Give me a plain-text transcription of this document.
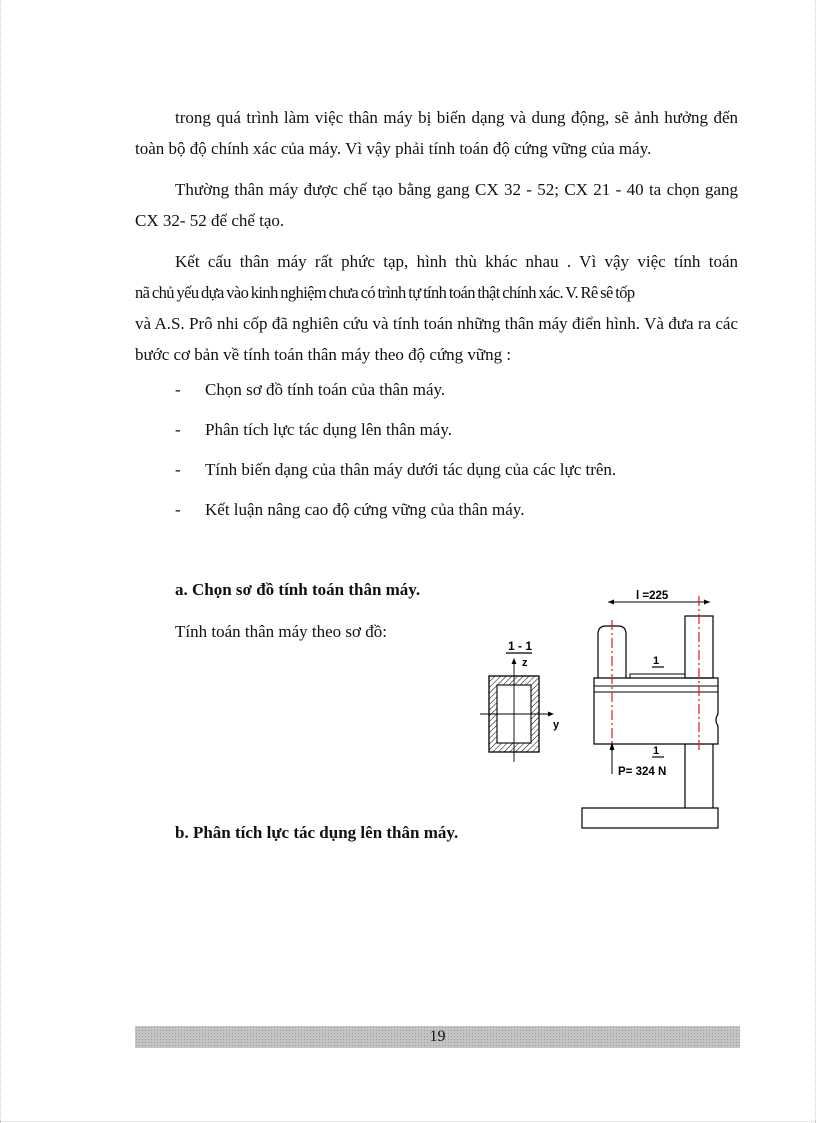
trong quá trình làm việc thân máy bị biến dạng và dung động, sẽ ảnh hưởng đến toàn bộ độ chính xác của máy. Vì vậy phải tính toán độ cứng vững của máy.

Thường thân máy được chế tạo bằng gang CX 32 - 52; CX 21 - 40 ta chọn gang CX 32- 52 để chế tạo.

Kết cấu thân máy rất phức tạp, hình thù khác nhau . Vì vậy việc tính toán
nã chủ yếu dựa vào kinh nghiệm chưa có trình tự tính toán thật chính xác. V. Rê sê tốp
và A.S. Prô nhi cốp đã nghiên cứu và tính toán những thân máy điển hình. Và đưa ra các bước cơ bản về tính toán thân máy theo độ cứng vững :

- Chọn sơ đồ tính toán của thân máy.
- Phân tích lực tác dụng lên thân máy.
- Tính biến dạng của thân máy dưới tác dụng của các lực trên.
- Kết luận nâng cao độ cứng vững của thân máy.
a. Chọn sơ đồ tính toán thân máy.
Tính toán thân máy theo sơ đồ:
1 - 1
z
y
l =225
1
1
P= 324 N
b. Phân tích lực tác dụng lên thân máy.
19
